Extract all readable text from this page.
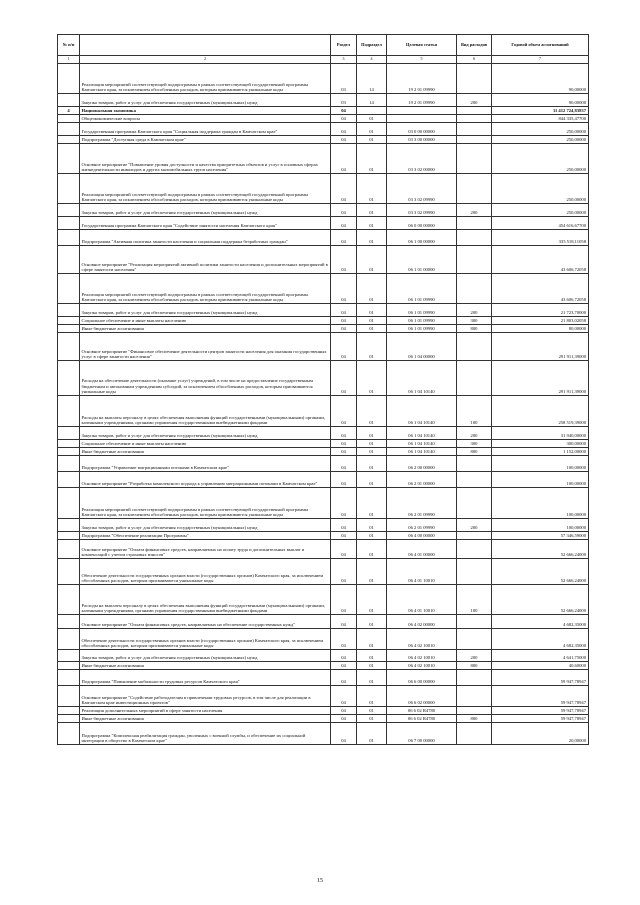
№ п/п		Раздел	Подраздел	Целевая статья	Вид расходов	Годовой объем ассигнований
1	2	3	4	5	6	7
	Реализация мероприятий соответствующей подпрограммы в рамках соответствующей государственной программы Камчатского края, за исключением обособленных расходов, которым присваиваются уникальные коды	03	14	19 2 01 09990		90,00000
	Закупка товаров, работ и услуг для обеспечения государственных (муниципальных) нужд	03	14	19 2 01 09990	200	90,00000
4	Национальная экономика	04				11 412 724,83837
	Общеэкономические вопросы	04	01			844 335,47700
	Государственная программа Камчатского края "Социальная поддержка граждан в Камчатском крае"	04	01	03 0 00 00000		250,00000
	Подпрограмма "Доступная среда в Камчатском крае"	04	01	03 3 00 00000		250,00000
	Основное мероприятие "Повышение уровня доступности и качества приоритетных объектов и услуг в основных сферах жизнедеятельности инвалидов и других маломобильных групп населения"	04	01	03 3 02 00000		250,00000
	Реализация мероприятий соответствующей подпрограммы в рамках соответствующей государственной программы Камчатского края, за исключением обособленных расходов, которым присваиваются уникальные коды	04	01	03 3 02 09990		250,00000
	Закупка товаров, работ и услуг для обеспечения государственных (муниципальных) нужд	04	01	03 3 02 09990	200	250,00000
	Государственная программа Камчатского края "Содействие занятости населения Камчатского края"	04	01	06 0 00 00000		454 616,67700
	Подпрограмма "Активная политика занятости населения и социальная поддержка безработных граждан"	04	01	06 1 00 00000		335 518,11058
	Основное мероприятие "Реализация мероприятий активной политики занятости населения и дополнительных мероприятий в сфере занятости населения"	04	01	06 1 01 00000		43 606,72058
	Реализация мероприятий соответствующей подпрограммы в рамках соответствующей государственной программы Камчатского края, за исключением обособленных расходов, которым присваиваются уникальные коды	04	01	06 1 01 09990		43 606,72058
	Закупка товаров, работ и услуг для обеспечения государственных (муниципальных) нужд	04	01	06 1 01 09990	200	21 723,70000
	Социальное обеспечение и иные выплаты населению	04	01	06 1 01 09990	300	21 803,02058
	Иные бюджетные ассигнования	04	01	06 1 01 09990	800	80,00000
	Основное мероприятие "Финансовое обеспечение деятельности центров занятости населения для оказания государственных услуг в сфере занятости населения"	04	01	06 1 04 00000		291 911,39000
	Расходы на обеспечение деятельности (оказание услуг) учреждений, в том числе на предоставление государственным бюджетным и автономным учреждениям субсидий, за исключением обособленных расходов, которым присваиваются уникальные коды	04	01	06 1 04 10140		291 911,39000
	Расходы на выплаты персоналу в целях обеспечения выполнения функций государственными (муниципальными) органами, казенными учреждениями, органами управления государственными внебюджетными фондами	04	01	06 1 04 10140	100	258 519,39000
	Закупка товаров, работ и услуг для обеспечения государственных (муниципальных) нужд	04	01	06 1 04 10140	200	31 940,00000
	Социальное обеспечение и иные выплаты населению	04	01	06 1 04 10140	300	300,00000
	Иные бюджетные ассигнования	04	01	06 1 04 10140	800	1 152,00000
	Подпрограмма "Управление миграционными потоками в Камчатском крае"	04	01	06 2 00 00000		100,00000
	Основное мероприятие "Разработка комплексного подхода к управлению миграционными потоками в Камчатском крае"	04	01	06 2 01 00000		100,00000
	Реализация мероприятий соответствующей подпрограммы в рамках соответствующей государственной программы Камчатского края, за исключением обособленных расходов, которым присваиваются уникальные коды	04	01	06 2 01 09990		100,00000
	Закупка товаров, работ и услуг для обеспечения государственных (муниципальных) нужд	04	01	06 2 01 09990	200	100,00000
	Подпрограмма "Обеспечение реализации Программы"	04	01	06 4 00 00000		57 346,59000
	Основное мероприятие "Оплата финансовых средств, направляемых на оплату труда и дополнительных выплат и компенсаций с учетом страховых взносов"	04	01	06 4 01 00000		52 666,24000
	Обеспечение деятельности государственных органов власти (государственных органов) Камчатского края, за исключением обособленных расходов, которым присваиваются уникальные коды	04	01	06 4 01 10010		52 666,24000
	Расходы на выплаты персоналу в целях обеспечения выполнения функций государственными (муниципальными) органами, казенными учреждениями, органами управления государственными внебюджетными фондами	04	01	06 4 01 10010	100	52 666,24000
	Основное мероприятие "Оплата финансовых средств, направляемых на обеспечение государственных нужд"	04	01	06 4 02 00000		4 682,35000
	Обеспечение деятельности государственных органов власти (государственных органов) Камчатского края, за исключением обособленных расходов, которым присваиваются уникальные коды	04	01	06 4 02 10010		4 682,35000
	Закупка товаров, работ и услуг для обеспечения государственных (муниципальных) нужд	04	01	06 4 02 10010	200	4 641,75000
	Иные бюджетные ассигнования	04	01	06 4 02 10010	800	40,60000
	Подпрограмма "Повышение мобильности трудовых ресурсов Камчатского края"	04	01	06 6 00 00000		59 947,78947
	Основное мероприятие "Содействие работодателям в привлечении трудовых ресурсов, в том числе для реализации в Камчатском крае инвестиционных проектов"	04	01	06 6 02 00000		59 947,78947
	Реализация дополнительных мероприятий в сфере занятости населения	04	01	06 6 02 R4780		59 947,78947
	Иные бюджетные ассигнования	04	01	06 6 02 R4780	800	59 947,78947
	Подпрограмма "Комплексная реабилитация граждан, уволенных с военной службы, и обеспечение их социальной интеграции в общество в Камчатском крае"	04	01	06 7 00 00000		20,00000
15
